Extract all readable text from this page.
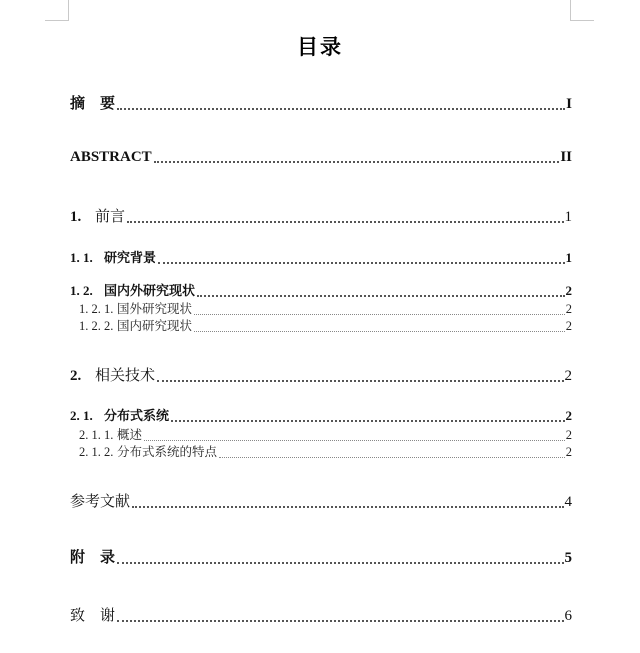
目录
摘　要	I
ABSTRACT	II
1. 前言	1
1. 1. 研究背景	1
1. 2. 国内外研究现状	2
1. 2. 1. 国外研究现状	2
1. 2. 2. 国内研究现状	2
2. 相关技术	2
2. 1. 分布式系统	2
2. 1. 1. 概述	2
2. 1. 2. 分布式系统的特点	2
参考文献	4
附　录	5
致　谢	6
